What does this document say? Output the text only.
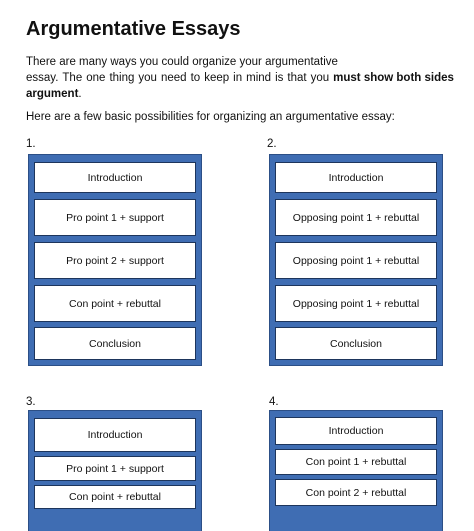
Argumentative Essays
There are many ways you could organize your argumentative
essay. The one thing you need to keep in mind is that you must show both sides
argument.
Here are a few basic possibilities for organizing an argumentative essay:
1.
Introduction
Pro point 1 + support
Pro point 2 + support
Con point + rebuttal
Conclusion
2.
Introduction
Opposing point 1 + rebuttal
Opposing point 1 + rebuttal
Opposing point 1 + rebuttal
Conclusion
3.
Introduction
Pro point 1 + support
Con point + rebuttal
4.
Introduction
Con point 1 + rebuttal
Con point 2 + rebuttal
